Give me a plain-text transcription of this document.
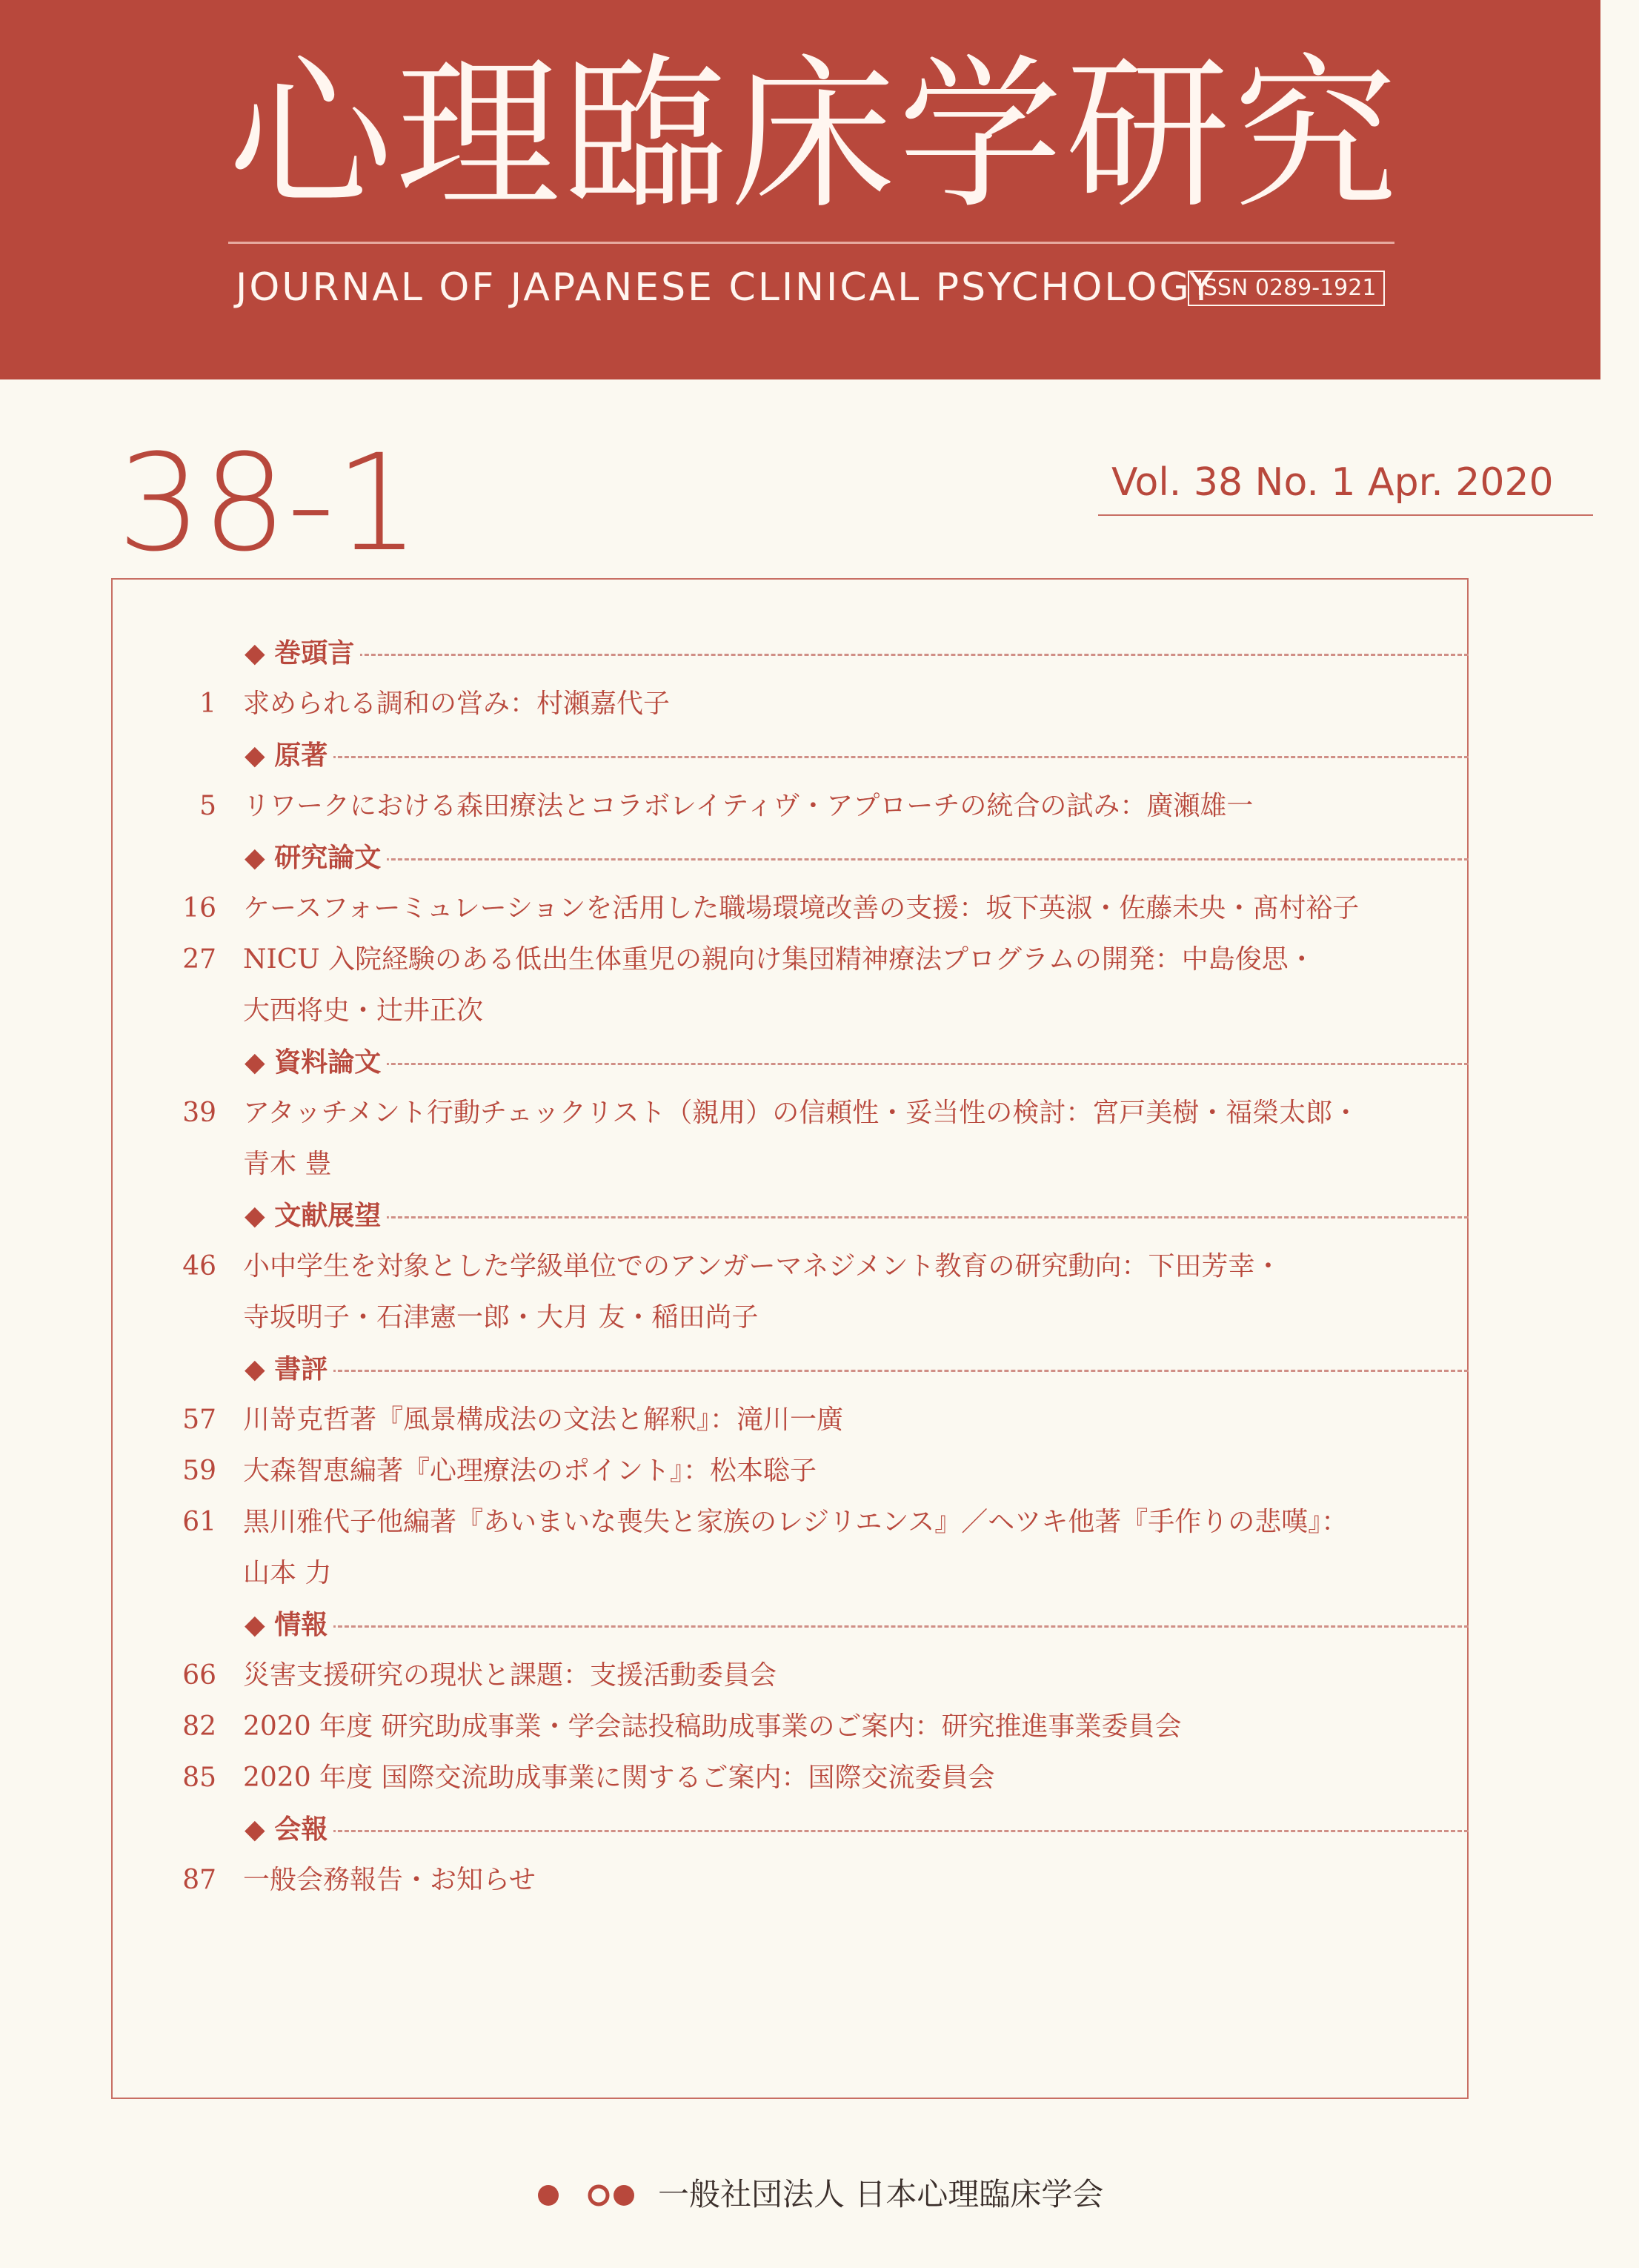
心理臨床学研究
JOURNAL OF JAPANESE CLINICAL PSYCHOLOGY
ISSN 0289-1921
38-1	Vol. 38 No. 1 Apr. 2020
◆ 巻頭言
1 求められる調和の営み：村瀬嘉代子
◆ 原著
5 リワークにおける森田療法とコラボレイティヴ・アプローチの統合の試み：廣瀬雄一
◆ 研究論文
16 ケースフォーミュレーションを活用した職場環境改善の支援：坂下英淑・佐藤未央・髙村裕子
27 NICU 入院経験のある低出生体重児の親向け集団精神療法プログラムの開発：中島俊思・
大西将史・辻井正次
◆ 資料論文
39 アタッチメント行動チェックリスト（親用）の信頼性・妥当性の検討：宮戸美樹・福榮太郎・
青木 豊
◆ 文献展望
46 小中学生を対象とした学級単位でのアンガーマネジメント教育の研究動向：下田芳幸・
寺坂明子・石津憲一郎・大月 友・稲田尚子
◆ 書評
57 川嵜克哲著『風景構成法の文法と解釈』：滝川一廣
59 大森智恵編著『心理療法のポイント』：松本聡子
61 黒川雅代子他編著『あいまいな喪失と家族のレジリエンス』／ヘツキ他著『手作りの悲嘆』：
山本 力
◆ 情報
66 災害支援研究の現状と課題：支援活動委員会
82 2020 年度 研究助成事業・学会誌投稿助成事業のご案内：研究推進事業委員会
85 2020 年度 国際交流助成事業に関するご案内：国際交流委員会
◆ 会報
87 一般会務報告・お知らせ
一般社団法人 日本心理臨床学会
